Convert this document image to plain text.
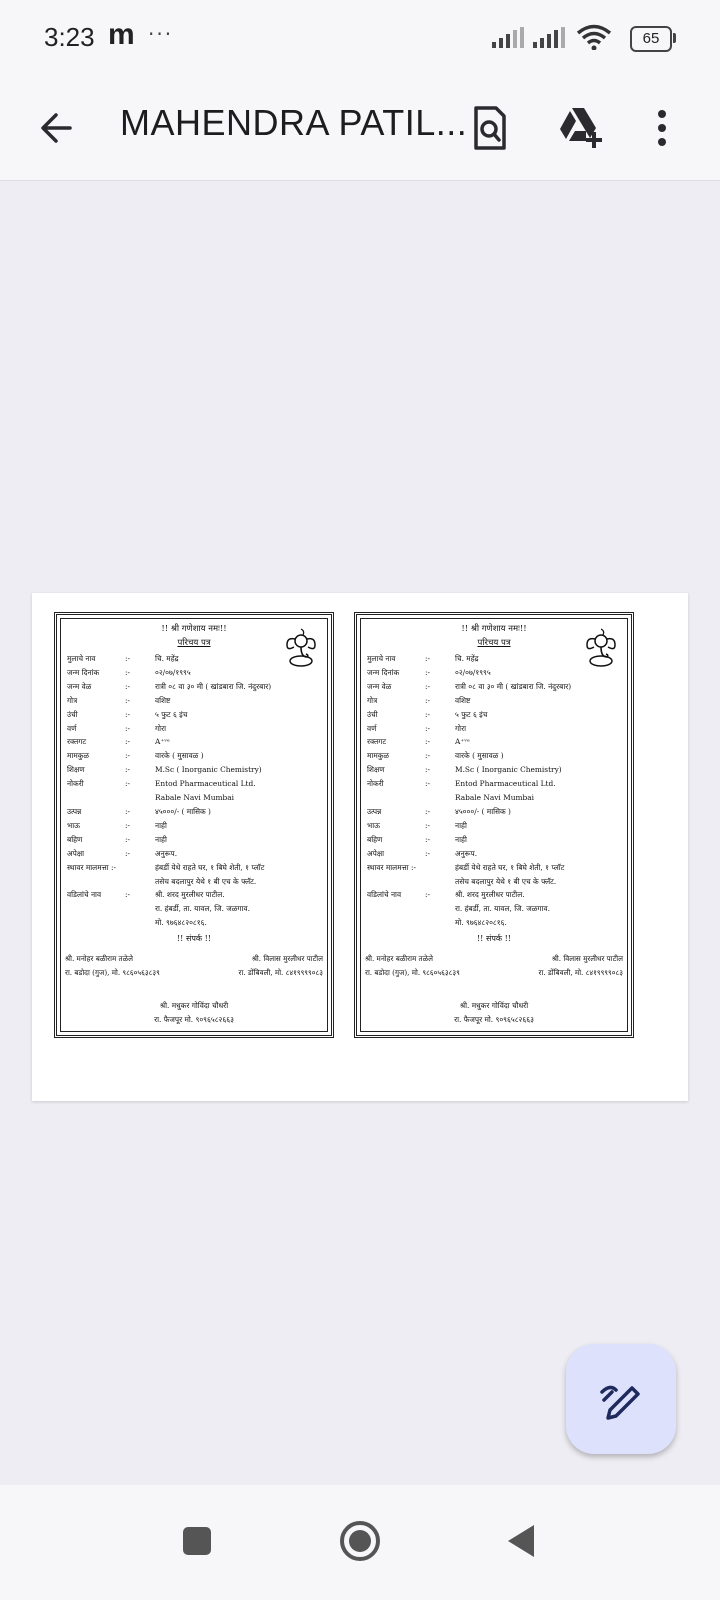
3:23 m ···	65
MAHENDRA PATIL...
!! श्री गणेशाय नमः!!
परिचय पत्र
मुलाचे नाव	:-	चि. महेंद्र
जन्म दिनांक	:-	०२/०७/१९९५
जन्म वेळ	:-	रात्री ०८ वा ३० मी ( खांडबारा जि. नंदुरबार)
गोत्र	:-	वशिष्ट
उंची	:-	५ फुट ६ इंच
वर्ण	:-	गोरा
रक्तगट	:-	A⁺ᵛᵉ
मामकुळ	:-	वारके ( मुसावळ )
शिक्षण	:-	M.Sc ( Inorganic Chemistry)
नोकरी	:-	Entod Pharmaceutical Ltd.
Rabale Navi Mumbai
उत्पन्न	:-	४५०००/- ( मासिक )
भाऊ	:-	नाही
बहिण	:-	नाही
अपेक्षा	:-	अनुरूप.
स्थावर मालमत्ता :-	हंबर्डी येथे राहते घर, १ बिघे शेती, १ प्लॉट
तसेच बदलापुर येथे १ बी एच के फ्लॅट.
वडिलांचे नाव	:-	श्री. शरद मुरलीधर पाटील.
रा. हंबर्डी, ता. यावल, जि. जळगाव.
मो. ९७६४८२०८१६.
!! संपर्क !!
श्री. मनोहर बळीराम तळेले	श्री. विलास मुरलीधर पाटील
रा. बडोदा (गुज), मो. ९८६०५६३८३९	रा. डोंबिवली, मो. ८४१९९९९०८३
श्री. मधुकर गोविंदा चौधरी
रा. फैजपूर मो. ९०९६५८२६६३
!! श्री गणेशाय नमः!!
परिचय पत्र
मुलाचे नाव	:-	चि. महेंद्र
जन्म दिनांक	:-	०२/०७/१९९५
जन्म वेळ	:-	रात्री ०८ वा ३० मी ( खांडबारा जि. नंदुरबार)
गोत्र	:-	वशिष्ट
उंची	:-	५ फुट ६ इंच
वर्ण	:-	गोरा
रक्तगट	:-	A⁺ᵛᵉ
मामकुळ	:-	वारके ( मुसावळ )
शिक्षण	:-	M.Sc ( Inorganic Chemistry)
नोकरी	:-	Entod Pharmaceutical Ltd.
Rabale Navi Mumbai
उत्पन्न	:-	४५०००/- ( मासिक )
भाऊ	:-	नाही
बहिण	:-	नाही
अपेक्षा	:-	अनुरूप.
स्थावर मालमत्ता :-	हंबर्डी येथे राहते घर, १ बिघे शेती, १ प्लॉट
तसेच बदलापुर येथे १ बी एच के फ्लॅट.
वडिलांचे नाव	:-	श्री. शरद मुरलीधर पाटील.
रा. हंबर्डी, ता. यावल, जि. जळगाव.
मो. ९७६४८२०८१६.
!! संपर्क !!
श्री. मनोहर बळीराम तळेले	श्री. विलास मुरलीधर पाटील
रा. बडोदा (गुज), मो. ९८६०५६३८३९	रा. डोंबिवली, मो. ८४१९९९९०८३
श्री. मधुकर गोविंदा चौधरी
रा. फैजपूर मो. ९०९६५८२६६३
